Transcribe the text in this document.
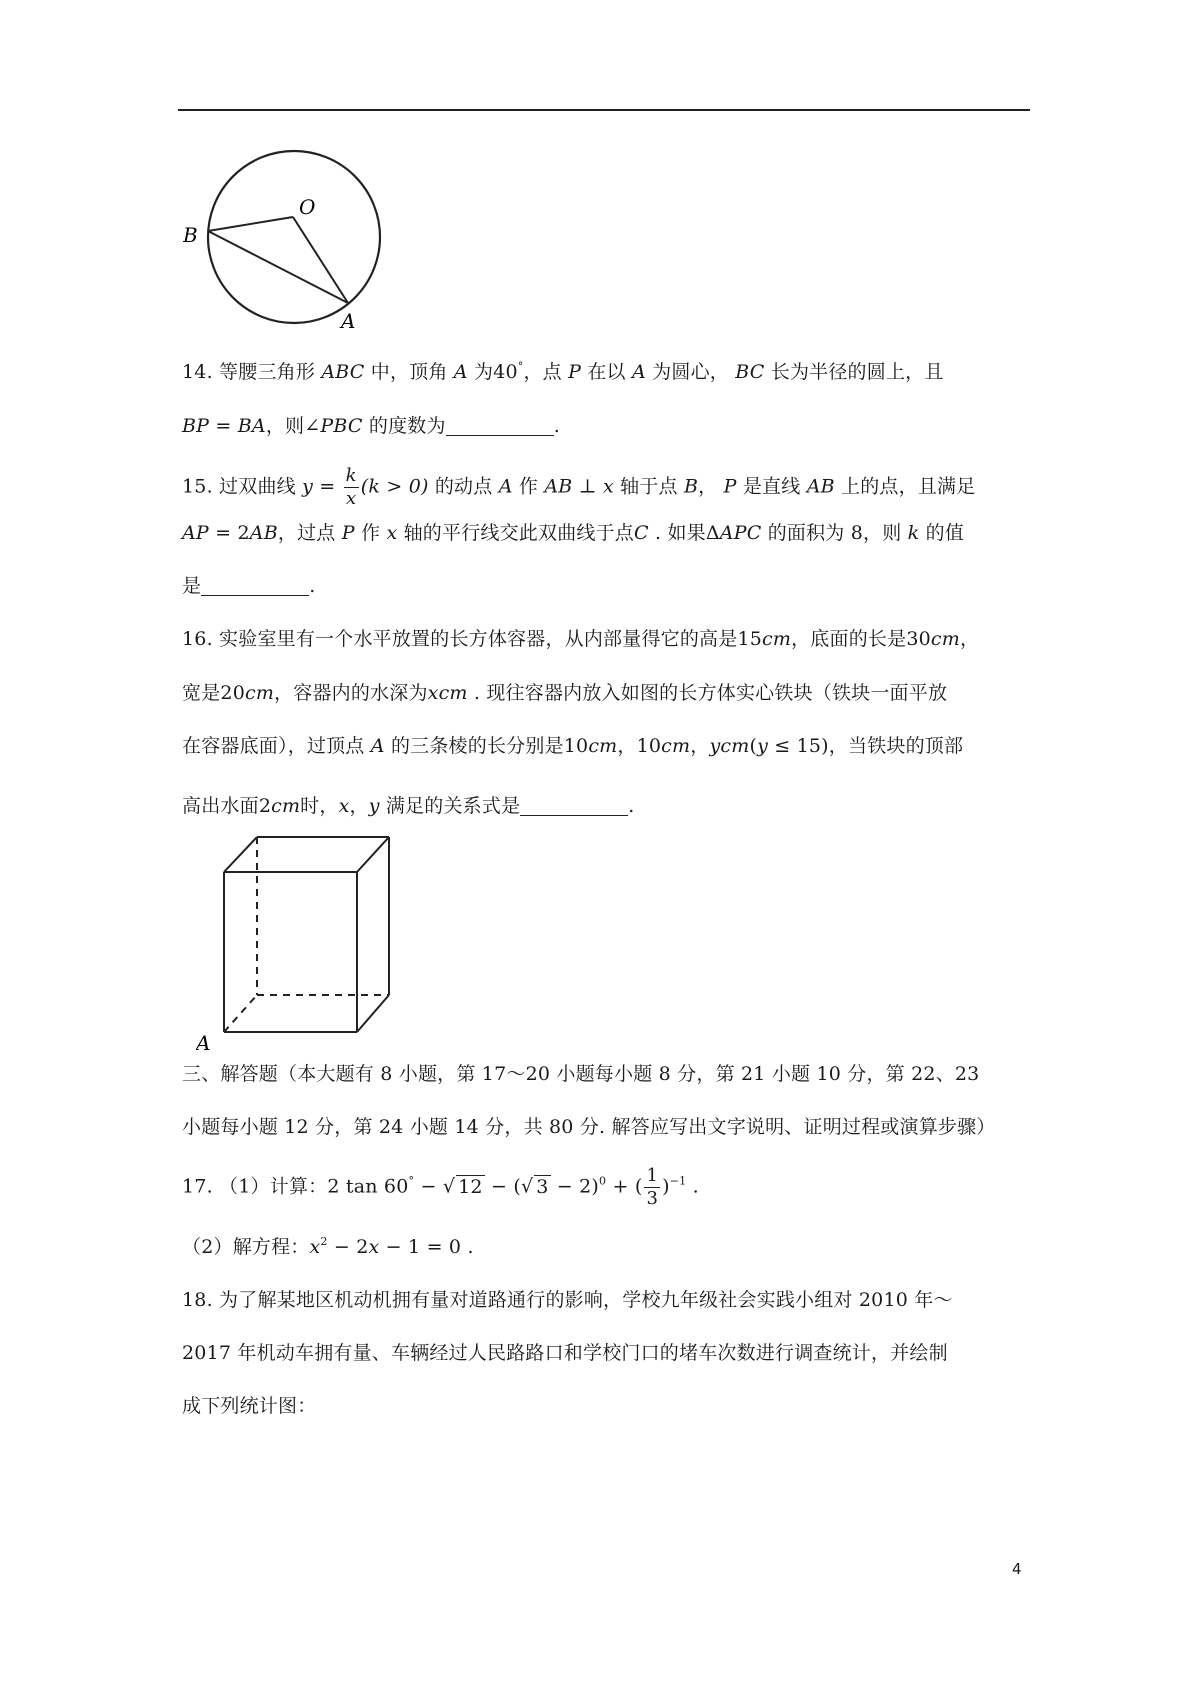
O
B
A
14. 等腰三角形 ABC 中，顶角 A 为40°，点 P 在以 A 为圆心， BC 长为半径的圆上，且
BP = BA，则∠PBC 的度数为	.
15. 过双曲线 $y = \frac{k}{x} (k > 0)$ 的动点 A 作 AB ⊥ x 轴于点 B， P 是直线 AB 上的点，且满足
AP = 2AB，过点 P 作 x 轴的平行线交此双曲线于点C . 如果ΔAPC 的面积为 8，则 k 的值
是	.
16. 实验室里有一个水平放置的长方体容器，从内部量得它的高是15cm，底面的长是30cm，
宽是20cm，容器内的水深为xcm . 现往容器内放入如图的长方体实心铁块（铁块一面平放
在容器底面），过顶点 A 的三条棱的长分别是10cm，10cm，ycm(y ≤ 15)，当铁块的顶部
高出水面2cm时，x，y 满足的关系式是	.
A
三、解答题（本大题有 8 小题，第 17～20 小题每小题 8 分，第 21 小题 10 分，第 22、23
小题每小题 12 分，第 24 小题 14 分，共 80 分. 解答应写出文字说明、证明过程或演算步骤）
17. （1）计算：2 tan 60° − √ 12 − (√ 3 − 2)$^0$ + ( $\frac{1}{3} )^{-1}$ .
（2）解方程：$x^2 - 2x - 1 = 0$ .
18. 为了解某地区机动机拥有量对道路通行的影响，学校九年级社会实践小组对 2010 年～
2017 年机动车拥有量、车辆经过人民路路口和学校门口的堵车次数进行调查统计，并绘制
成下列统计图：
4
